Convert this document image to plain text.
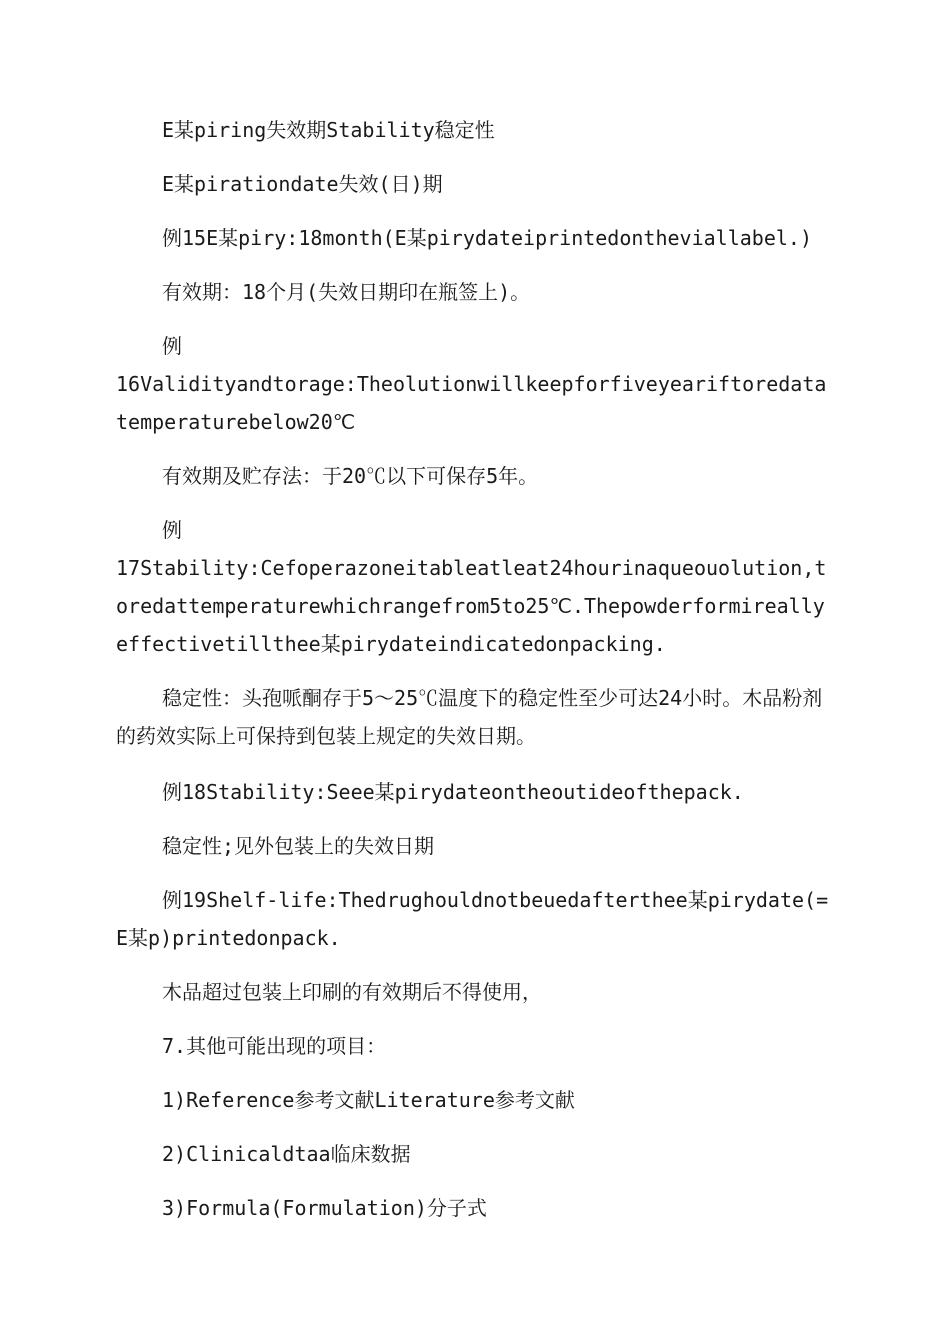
E某piring失效期Stability稳定性

E某pirationdate失效(日)期

例15E某piry:18month(E某pirydateiprintedontheviallabel.)

有效期：18个月(失效日期印在瓶签上)。

例

16Validityandtorage:Theolutionwillkeepforfiveyeariftoredatatemperaturebelow20℃

有效期及贮存法：于20℃以下可保存5年。

例

17Stability:Cefoperazoneitableatleat24hourinaqueouolution,toredattemperaturewhichrangefrom5to25℃.Thepowderformireallyeffectivetillthee某pirydateindicatedonpacking.

稳定性：头孢哌酮存于5～25℃温度下的稳定性至少可达24小时。木品粉剂的药效实际上可保持到包装上规定的失效日期。

例18Stability:Seee某pirydateontheoutideofthepack.

稳定性;见外包装上的失效日期

例19Shelf-life:Thedrughouldnotbeuedafterthee某pirydate(=E某p)printedonpack.

木品超过包装上印刷的有效期后不得使用，

7.其他可能出现的项目：

1)Reference参考文献Literature参考文献

2)Clinicaldtaa临床数据

3)Formula(Formulation)分子式
